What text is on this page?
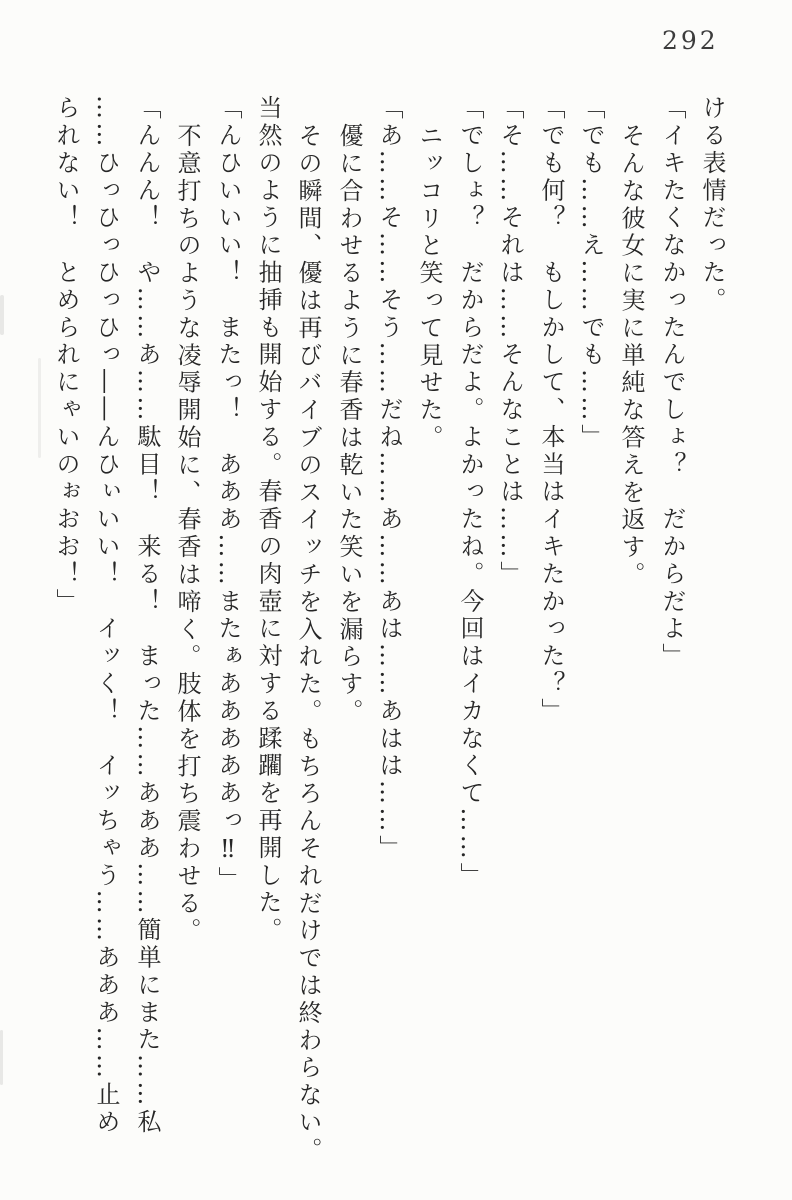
292
ける表情だった。
「イキたくなかったんでしょ？　だからだよ」
そんな彼女に実に単純な答えを返す。
「でも……え……でも……」
「でも何？　もしかして、本当はイキたかった？」
「そ……それは……そんなことは……」
「でしょ？　だからだよ。よかったね。今回はイカなくて……」
ニッコリと笑って見せた。
「あ……そ……そう……だね……あ……あは……あはは……」
優に合わせるように春香は乾いた笑いを漏らす。
その瞬間、優は再びバイブのスイッチを入れた。もちろんそれだけでは終わらない。
当然のように抽挿も開始する。春香の肉壺に対する蹂躙を再開した。
「んひいいい！　またっ！　あああ……またぁあああああっ‼」
不意打ちのような凌辱開始に、春香は啼く。肢体を打ち震わせる。
「んんん！　や……あ……駄目！　来る！　まった……あああ……簡単にまた……私
……ひっひっひっひっ――んひぃいい！　イッく！　イッちゃう……あああ……止め
られない！　とめられにゃいのぉおお！」
